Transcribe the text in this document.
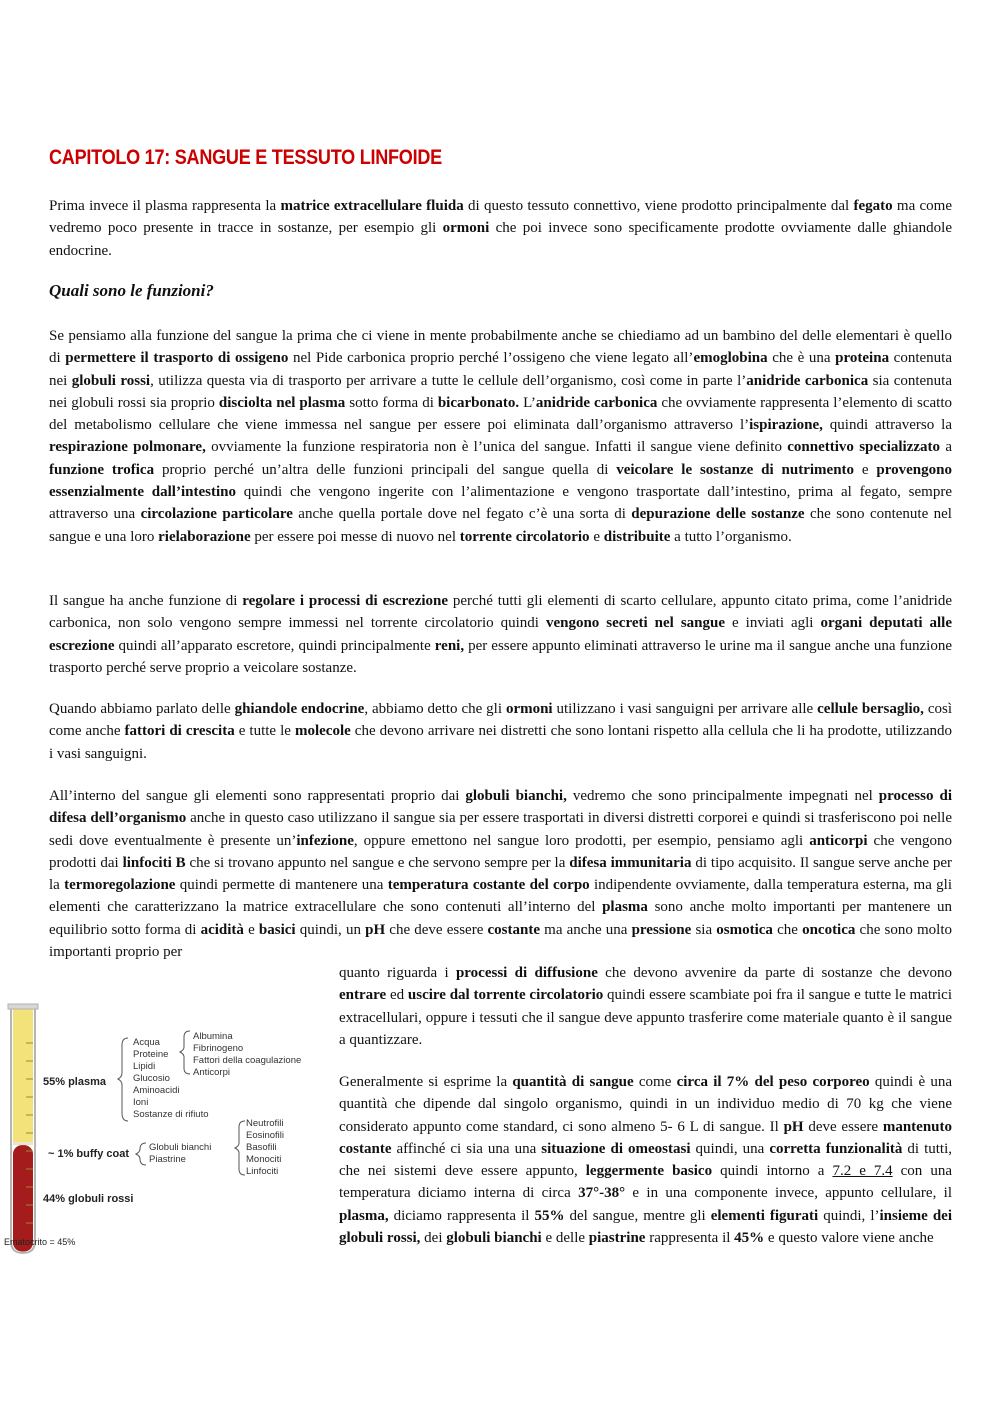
CAPITOLO 17: SANGUE E TESSUTO LINFOIDE

Prima invece il plasma rappresenta la matrice extracellulare fluida di questo tessuto connettivo, viene prodotto principalmente dal fegato ma come vedremo poco presente in tracce in sostanze, per esempio gli ormoni che poi invece sono specificamente prodotte ovviamente dalle ghiandole endocrine.

Quali sono le funzioni?

Se pensiamo alla funzione del sangue la prima che ci viene in mente probabilmente anche se chiediamo ad un bambino del delle elementari è quello di permettere il trasporto di ossigeno nel Pide carbonica proprio perché l’ossigeno che viene legato all’emoglobina che è una proteina contenuta nei globuli rossi, utilizza questa via di trasporto per arrivare a tutte le cellule dell’organismo, così come in parte l’anidride carbonica sia contenuta nei globuli rossi sia proprio disciolta nel plasma sotto forma di bicarbonato. L’anidride carbonica che ovviamente rappresenta l’elemento di scatto del metabolismo cellulare che viene immessa nel sangue per essere poi eliminata dall’organismo attraverso l’ispirazione, quindi attraverso la respirazione polmonare, ovviamente la funzione respiratoria non è l’unica del sangue. Infatti il sangue viene definito connettivo specializzato a funzione trofica proprio perché un’altra delle funzioni principali del sangue quella di veicolare le sostanze di nutrimento e provengono essenzialmente dall’intestino quindi che vengono ingerite con l’alimentazione e vengono trasportate dall’intestino, prima al fegato, sempre attraverso una circolazione particolare anche quella portale dove nel fegato c’è una sorta di depurazione delle sostanze che sono contenute nel sangue e una loro rielaborazione per essere poi messe di nuovo nel torrente circolatorio e distribuite a tutto l’organismo.

Il sangue ha anche funzione di regolare i processi di escrezione perché tutti gli elementi di scarto cellulare, appunto citato prima, come l’anidride carbonica, non solo vengono sempre immessi nel torrente circolatorio quindi vengono secreti nel sangue e inviati agli organi deputati alle escrezione quindi all’apparato escretore, quindi principalmente reni, per essere appunto eliminati attraverso le urine ma il sangue anche una funzione trasporto perché serve proprio a veicolare sostanze.

Quando abbiamo parlato delle ghiandole endocrine, abbiamo detto che gli ormoni utilizzano i vasi sanguigni per arrivare alle cellule bersaglio, così come anche fattori di crescita e tutte le molecole che devono arrivare nei distretti che sono lontani rispetto alla cellula che li ha prodotte, utilizzando i vasi sanguigni.

All’interno del sangue gli elementi sono rappresentati proprio dai globuli bianchi, vedremo che sono principalmente impegnati nel processo di difesa dell’organismo anche in questo caso utilizzano il sangue sia per essere trasportati in diversi distretti corporei e quindi si trasferiscono poi nelle sedi dove eventualmente è presente un’infezione, oppure emettono nel sangue loro prodotti, per esempio, pensiamo agli anticorpi che vengono prodotti dai linfociti B che si trovano appunto nel sangue e che servono sempre per la difesa immunitaria di tipo acquisito. Il sangue serve anche per la termoregolazione quindi permette di mantenere una temperatura costante del corpo indipendente ovviamente, dalla temperatura esterna, ma gli elementi che caratterizzano la matrice extracellulare che sono contenuti all’interno del plasma sono anche molto importanti per mantenere un equilibrio sotto forma di acidità e basici quindi, un pH che deve essere costante ma anche una pressione sia osmotica che oncotica che sono molto importanti proprio per

quanto riguarda i processi di diffusione che devono avvenire da parte di sostanze che devono entrare ed uscire dal torrente circolatorio quindi essere scambiate poi fra il sangue e tutte le matrici extracellulari, oppure i tessuti che il sangue deve appunto trasferire come materiale quanto è il sangue a quantizzare.

Generalmente si esprime la quantità di sangue come circa il 7% del peso corporeo quindi è una quantità che dipende dal singolo organismo, quindi in un individuo medio di 70 kg che viene considerato appunto come standard, ci sono almeno 5- 6 L di sangue. Il pH deve essere mantenuto costante affinché ci sia una una situazione di omeostasi quindi, una corretta funzionalità di tutti, che nei sistemi deve essere appunto, leggermente basico quindi intorno a 7.2 e 7.4 con una temperatura diciamo interna di circa 37°-38° e in una componente invece, appunto cellulare, il plasma, diciamo rappresenta il 55% del sangue, mentre gli elementi figurati quindi, l’insieme dei globuli rossi, dei globuli bianchi e delle piastrine rappresenta il 45% e questo valore viene anche

55% plasma
~ 1% buffy coat
44% globuli rossi
Ematocrito = 45%
Acqua
Proteine
Lipidi
Glucosio
Aminoacidi
Ioni
Sostanze di rifiuto
Albumina
Fibrinogeno
Fattori della coagulazione
Anticorpi
Globuli bianchi
Piastrine
Neutrofili
Eosinofili
Basofili
Monociti
Linfociti
